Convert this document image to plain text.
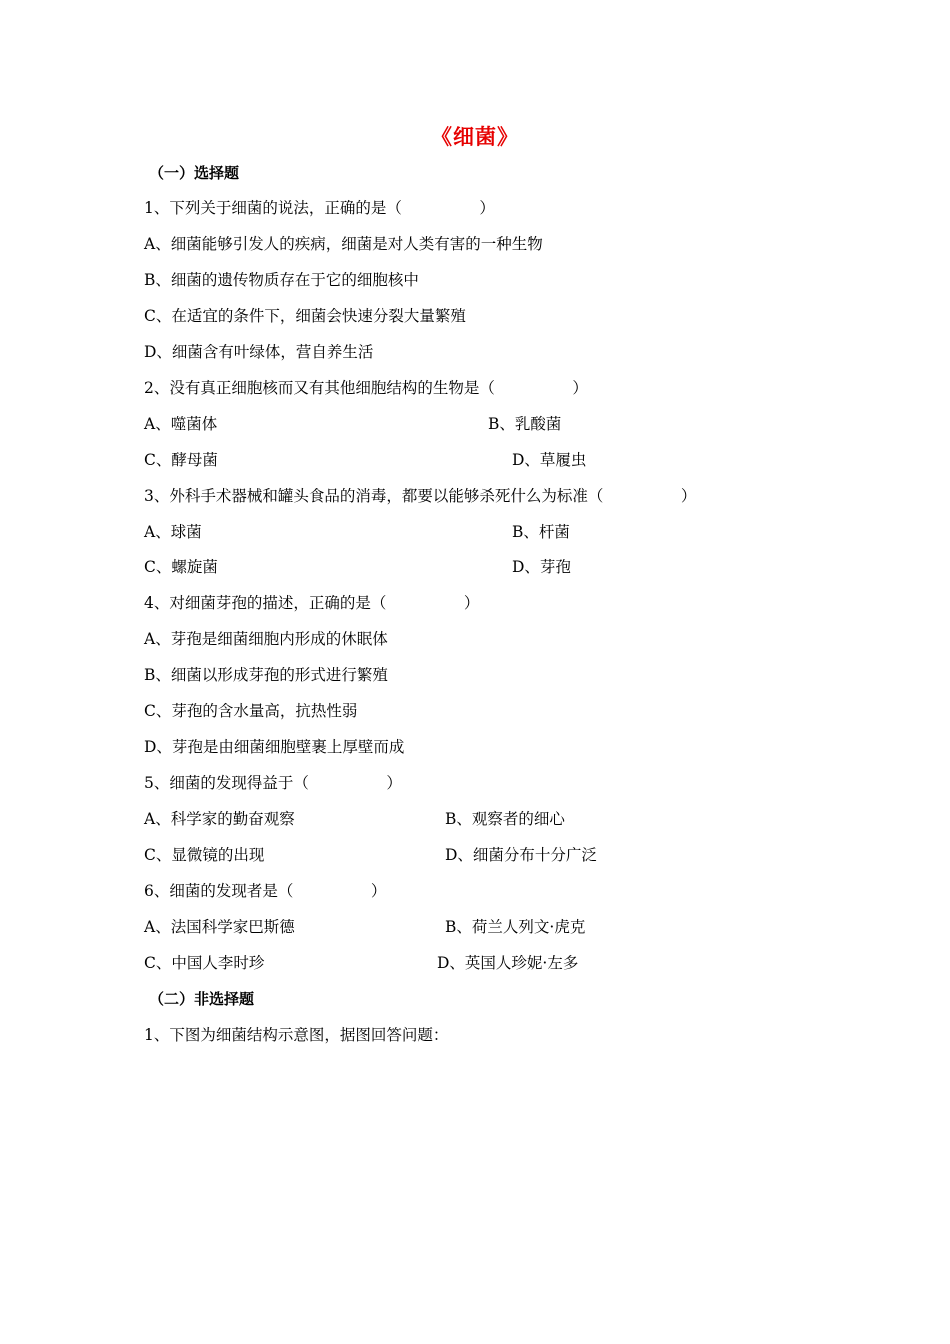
《细菌》
（一）选择题
1、下列关于细菌的说法，正确的是（　　　　　）
A、细菌能够引发人的疾病，细菌是对人类有害的一种生物
B、细菌的遗传物质存在于它的细胞核中
C、在适宜的条件下，细菌会快速分裂大量繁殖
D、细菌含有叶绿体，营自养生活
2、没有真正细胞核而又有其他细胞结构的生物是（　　　　　）
A、噬菌体	B、乳酸菌
C、酵母菌	D、草履虫
3、外科手术器械和罐头食品的消毒，都要以能够杀死什么为标准（　　　　　）
A、球菌	B、杆菌
C、螺旋菌	D、芽孢
4、对细菌芽孢的描述，正确的是（　　　　　）
A、芽孢是细菌细胞内形成的休眠体
B、细菌以形成芽孢的形式进行繁殖
C、芽孢的含水量高，抗热性弱
D、芽孢是由细菌细胞壁裹上厚壁而成
5、细菌的发现得益于（　　　　　）
A、科学家的勤奋观察	B、观察者的细心
C、显微镜的出现	D、细菌分布十分广泛
6、细菌的发现者是（　　　　　）
A、法国科学家巴斯德	B、荷兰人列文·虎克
C、中国人李时珍	D、英国人珍妮·左多
（二）非选择题
1、下图为细菌结构示意图，据图回答问题：
